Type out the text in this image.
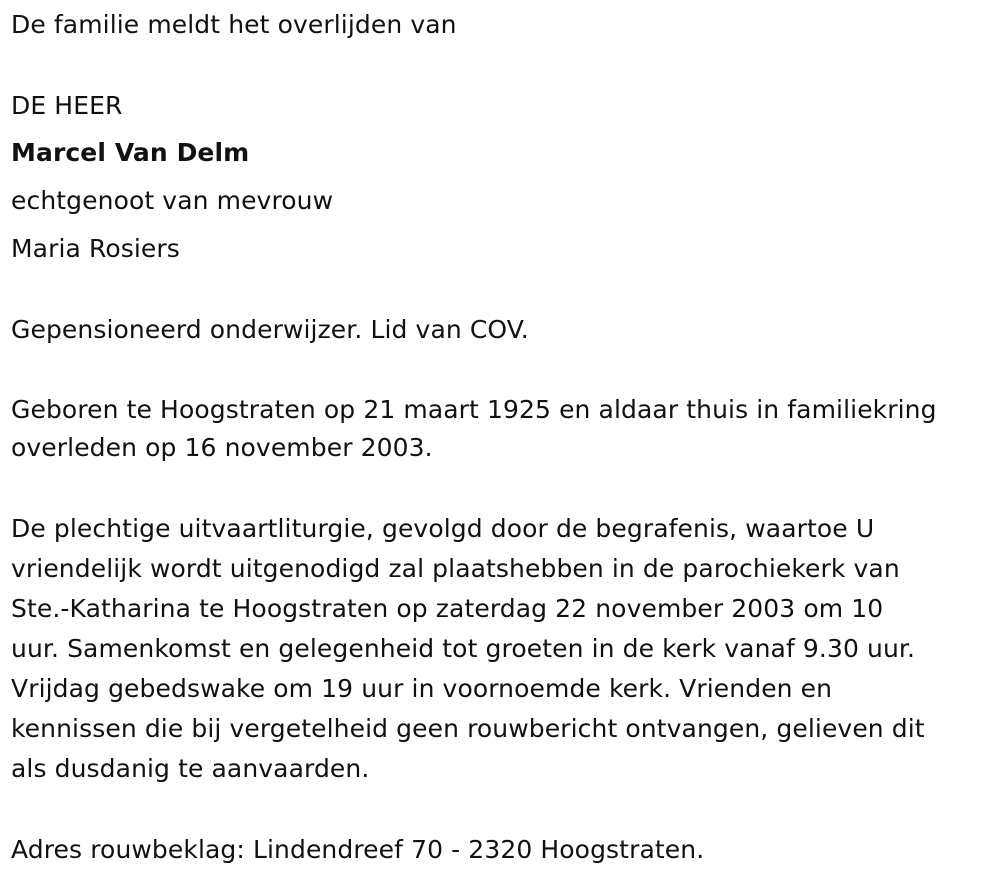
De familie meldt het overlijden van
DE HEER
Marcel Van Delm
echtgenoot van mevrouw
Maria Rosiers
Gepensioneerd onderwijzer. Lid van COV.
Geboren te Hoogstraten op 21 maart 1925 en aldaar thuis in familiekring
overleden op 16 november 2003.
De plechtige uitvaartliturgie, gevolgd door de begrafenis, waartoe U
vriendelijk wordt uitgenodigd zal plaatshebben in de parochiekerk van
Ste.-Katharina te Hoogstraten op zaterdag 22 november 2003 om 10
uur. Samenkomst en gelegenheid tot groeten in de kerk vanaf 9.30 uur.
Vrijdag gebedswake om 19 uur in voornoemde kerk. Vrienden en
kennissen die bij vergetelheid geen rouwbericht ontvangen, gelieven dit
als dusdanig te aanvaarden.
Adres rouwbeklag: Lindendreef 70 - 2320 Hoogstraten.
